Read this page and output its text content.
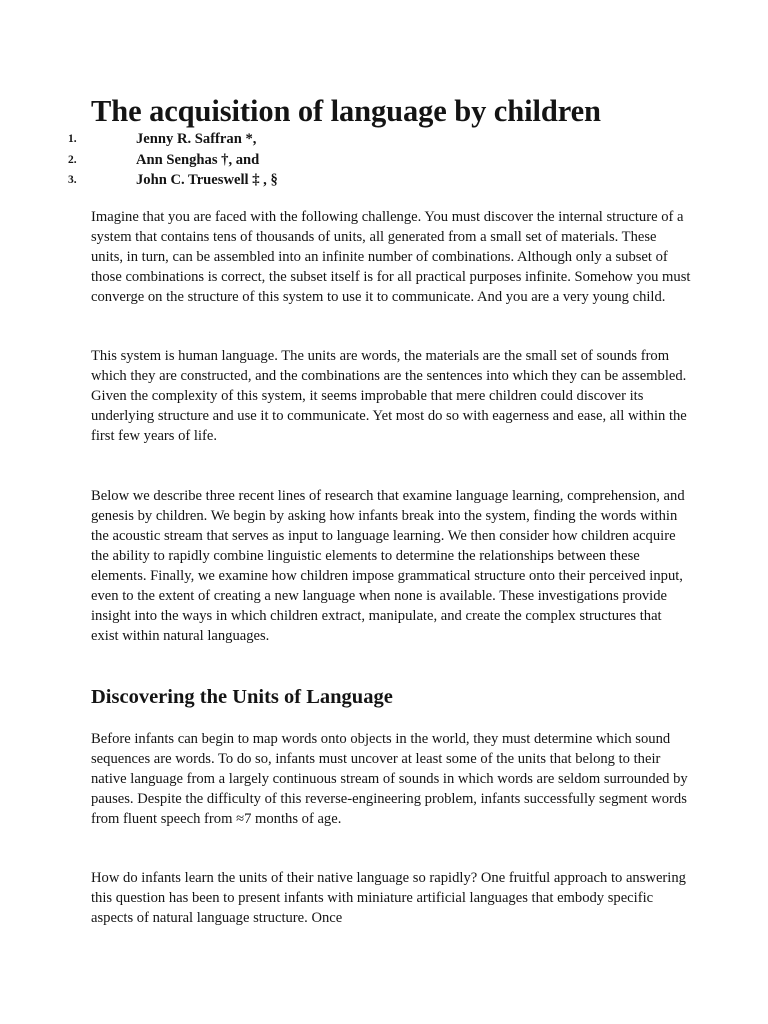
The acquisition of language by children
1.	Jenny R. Saffran *,
2.	Ann Senghas †, and
3.	John C. Trueswell ‡ , §

Imagine that you are faced with the following challenge. You must discover the internal structure of a system that contains tens of thousands of units, all generated from a small set of materials. These units, in turn, can be assembled into an infinite number of combinations. Although only a subset of those combinations is correct, the subset itself is for all practical purposes infinite. Somehow you must converge on the structure of this system to use it to communicate. And you are a very young child.

This system is human language. The units are words, the materials are the small set of sounds from which they are constructed, and the combinations are the sentences into which they can be assembled. Given the complexity of this system, it seems improbable that mere children could discover its underlying structure and use it to communicate. Yet most do so with eagerness and ease, all within the first few years of life.

Below we describe three recent lines of research that examine language learning, comprehension, and genesis by children. We begin by asking how infants break into the system, finding the words within the acoustic stream that serves as input to language learning. We then consider how children acquire the ability to rapidly combine linguistic elements to determine the relationships between these elements. Finally, we examine how children impose grammatical structure onto their perceived input, even to the extent of creating a new language when none is available. These investigations provide insight into the ways in which children extract, manipulate, and create the complex structures that exist within natural languages.

Discovering the Units of Language

Before infants can begin to map words onto objects in the world, they must determine which sound sequences are words. To do so, infants must uncover at least some of the units that belong to their native language from a largely continuous stream of sounds in which words are seldom surrounded by pauses. Despite the difficulty of this reverse-engineering problem, infants successfully segment words from fluent speech from ≈7 months of age.

How do infants learn the units of their native language so rapidly? One fruitful approach to answering this question has been to present infants with miniature artificial languages that embody specific aspects of natural language structure. Once
